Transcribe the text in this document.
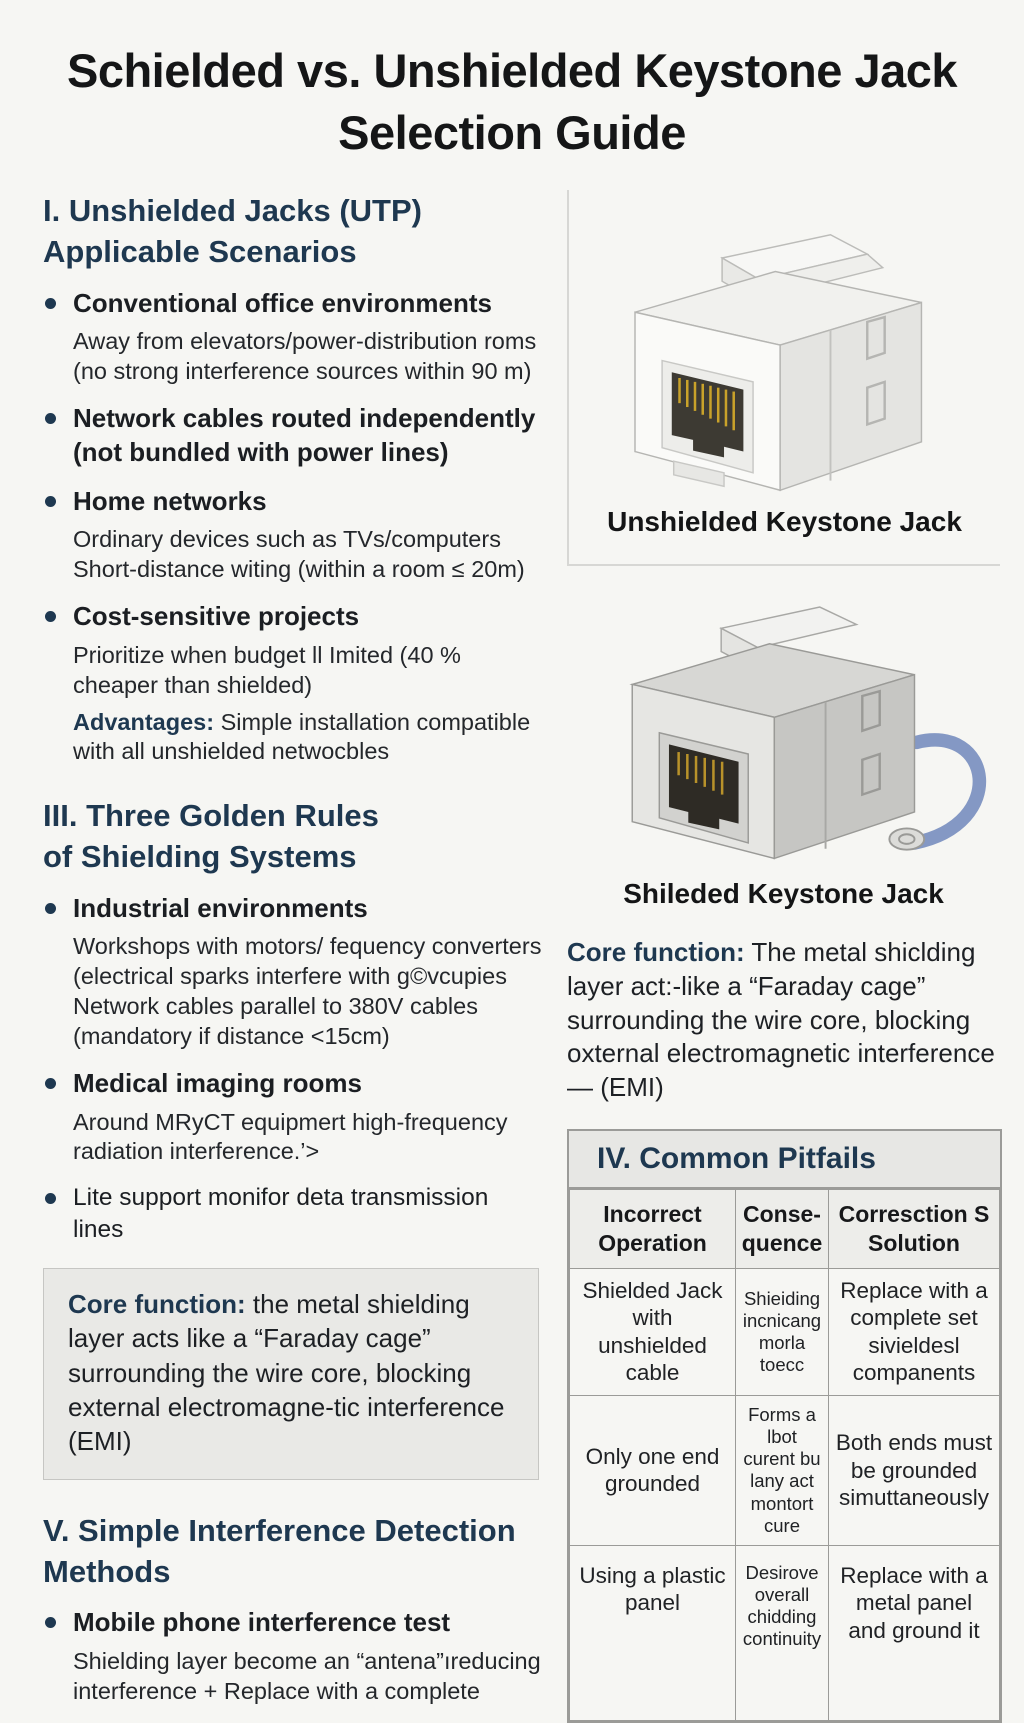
Schielded vs. Unshielded Keystone Jack
Selection Guide
I. Unshielded Jacks (UTP)
Applicable Scenarios
Conventional office environments
Away from elevators/power-distribution roms (no strong interference sources within 90 m)
Network cables routed independently (not bundled with power lines)
Home networks
Ordinary devices such as TVs/computers Short-distance witing (within a room ≤ 20m)
Cost-sensitive projects
Prioritize when budget ll Imited (40 % cheaper than shielded)
Advantages: Simple installation compatible with all unshielded netwocbles
III. Three Golden Rules
of Shielding Systems
Industrial environments
Workshops with motors/ fequency converters (electrical sparks interfere with g©vcupies Network cables parallel to 380V cables (mandatory if distance <15cm)
Medical imaging rooms
Around MRyCT equipmert high-frequency radiation interference.’>
Lite support monifor deta transmission lines
Core function: the metal shielding layer acts like a “Faraday cage” surrounding the wire core, blocking external electromagne-tic interference (EMI)
V. Simple Interference Detection
Methods
Mobile phone interference test
Shielding layer become an “antena”ıreducing interference + Replace with a complete
Unshielded Keystone Jack
Shileded Keystone Jack
Core function: The metal shiclding layer act:-like a “Faraday cage” surrounding the wire core, blocking oxternal electromagnetic interference — (EMI)
IV. Common Pitfails
Incorrect Operation	Conse-quence	Corresction S Solution
Shielded Jack with unshielded cable	Shieiding incnicang morla toecc	Replace with a complete set sivieldesl companents
Only one end grounded	Forms a lbot curent bu lany act montort cure	Both ends must be grounded simuttaneously
Using a plastic panel	Desirove overall chidding continuity	Replace with a metal panel and ground it
